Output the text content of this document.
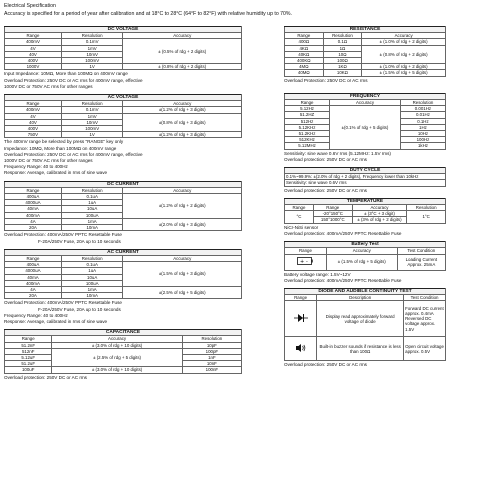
Electrical Specification
Accuracy is specified for a period of year after calibration and at 18°C to 28°C (64°F to 82°F) with relative humidity up to 70%.
DC VOLTAGE		
Range	Resolution	Accuracy
400mV	0.1mV	± (0.5% of rdg + 2 digits)
4V	1mV	
40V	10mV	
400V	100mV	
1000V	1V	± (0.8% of rdg + 2 digits)

Input Impedance: 10MΩ, More than 100MΩ on 400mV range

Overload Protection: 250V DC or AC rms for 400mV range, effective

1000V DC or 750V AC rms for other ranges

AC VOLTAGE		
Range	Resolution	Accuracy
400mV	0.1mV	±(1.2% of rdg + 3 digits)
4V	1mV	±(0.8% of rdg + 3 digits)
40V	10mV	
400V	100mV	
750V	1V	±(1.2% of rdg + 3 digits)

The 400mV range be selected by press "RANGE" key only

Impedance: 10MΩ, More than 100MΩ on 400mV range

Overload Protection: 250V DC or AC rms for 400mV range, effective

1000V DC or 750V AC rms for other ranges

Frequency Range: 40 to 400Hz

Response: Average, calibrated in rms of sine wave

DC CURRENT		
Range	Resolution	Accuracy
400uA	0.1uA	±(1.2% of rdg + 2 digits)
4000uA	1uA	
40mA	10uA	
400mA	100uA	
4A	1mA	±(2.0% of rdg + 3 digits)
20A	10mA	

Overload Protection: 400mA/250V PPTC Resettable Fuse

F-20A/250V Fuse, 20A up to 10 seconds

AC CURRENT		
Range	Resolution	Accuracy
400uA	0.1uA	±(1.5% of rdg + 3 digits)
4000uA	1uA	
40mA	10uA	
400mA	100uA	
4A	1mA	±(2.5% of rdg + 5 digits)
20A	10mA	

Overload Protection: 400mA/250V PPTC Resettable Fuse

F-20A/250V Fuse, 20A up to 10 seconds

Frequency Range: 40 to 400Hz

Response: Average, calibrated in rms of sine wave

CAPACITANCE		
Range	Accuracy	Resolution
51.2nF	± (3.0% of rdg + 10 digits)	10pF
512nF	± (2.5% of rdg + 5 digits)	100pF
5.12uF		1nF
51.2uF		10nF
100uF	± (3.0% of rdg + 10 digits)	100nF

Overload protection: 250V DC or AC rms

RESISTANCE		
Range	Resolution	Accuracy
400Ω	0.1Ω	± (1.0% of rdg + 2 digits)
4KΩ	1Ω	± (0.8% of rdg + 2 digits)
40KΩ	10Ω	
400KΩ	100Ω	
4MΩ	1KΩ	± (1.0% of rdg + 2 digits)
40MΩ	10KΩ	± (1.5% of rdg + 5 digits)

Overload Protection: 250V DC or AC rms

FREQUENCY		
Range	Accuracy	Resolution
5.12Hz	±(0.1% of rdg + 5 digits)	0.001Hz
51.2HZ		0.01Hz
512Hz		0.1Hz
5.12KHz		1Hz
51.2KHz		10Hz
512KHz		100Hz
5.12MHz		1kHz

Sensitivity: sine wave 0.6V rms (5.12MHz: 1.5V rms)

Overload protection: 250V DC or AC rms

DUTY CYCLE
0.1%~99.9%: ±(2.0% of rdg + 2 digits), Frequency lower than 10kHz
Sensitivity: sine wave 0.6V rms

Overload protection: 250V DC or AC rms

TEMPERATURE			
Range	Range	Accuracy	Resolution
°C	-20°150°C	± (3°C + 3 digit)	1°C
	150°1000°C	± (3% of rdg + 2 digits)	

NiCr-NiSi sensor

Overload protection: 400mA/250V PPTC Resettable Fuse

Battery Test		
Range	Accuracy	Test Condition

+ -	± (1.5% of rdg + 5 digits)	Loading Current Approx. 25mA

Battery voltage range: 1.5V~12V

Overload protection: 400mA/250V PPTC Resettable Fuse

DIODE AND AUDIBLE CONTINUITY TEST		
Range	Description	Test Condition
	Display read approximately forward voltage of diode	Forward DC current approx. 0.4mA Reversed DC voltage approx. 1.5V
	Built-in buzzer sounds if resistance is less than 100Ω	Open circuit voltage approx. 0.5V

Overload protection: 250V DC or AC rms
